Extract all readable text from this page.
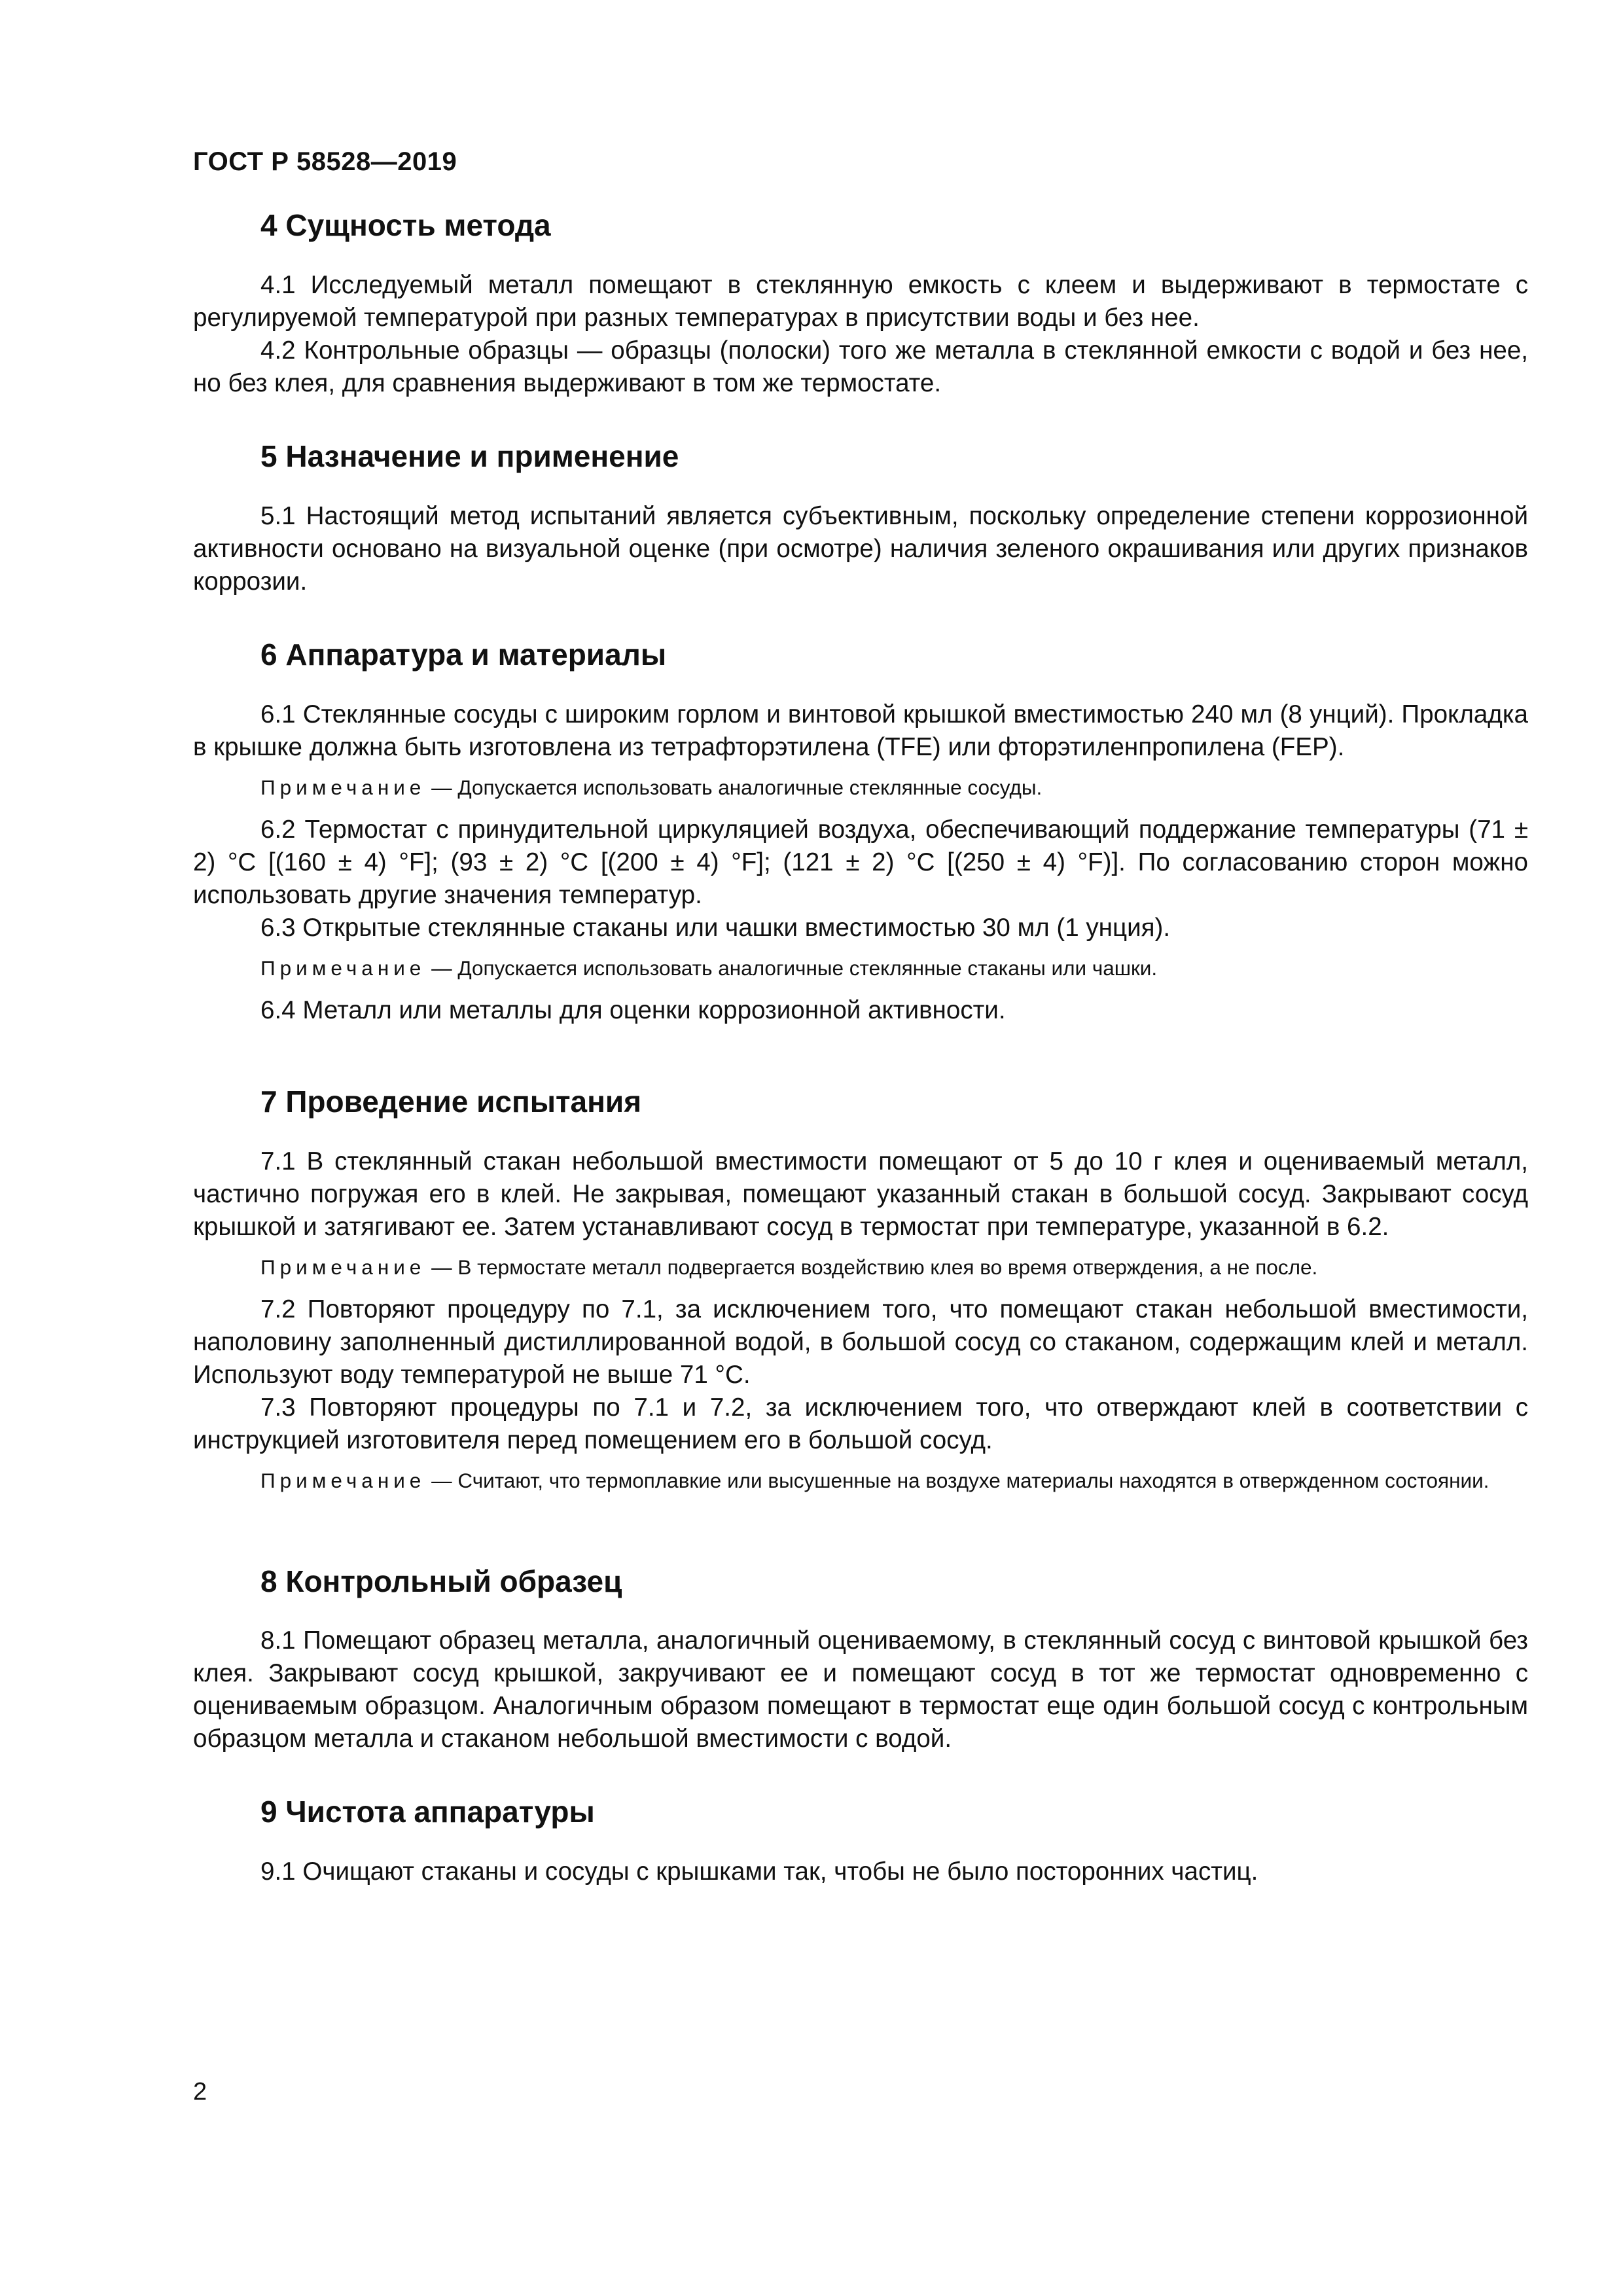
ГОСТ Р 58528—2019
4 Сущность метода

4.1 Исследуемый металл помещают в стеклянную емкость с клеем и выдерживают в термостате с регулируемой температурой при разных температурах в присутствии воды и без нее.

4.2 Контрольные образцы — образцы (полоски) того же металла в стеклянной емкости с водой и без нее, но без клея, для сравнения выдерживают в том же термостате.

5 Назначение и применение

5.1 Настоящий метод испытаний является субъективным, поскольку определение степени коррозионной активности основано на визуальной оценке (при осмотре) наличия зеленого окрашивания или других признаков коррозии.

6 Аппаратура и материалы

6.1 Стеклянные сосуды с широким горлом и винтовой крышкой вместимостью 240 мл (8 унций). Прокладка в крышке должна быть изготовлена из тетрафторэтилена (TFE) или фторэтиленпропилена (FEP).

Примечание — Допускается использовать аналогичные стеклянные сосуды.

6.2 Термостат с принудительной циркуляцией воздуха, обеспечивающий поддержание температуры (71 ± 2) °С [(160 ± 4) °F]; (93 ± 2) °С [(200 ± 4) °F]; (121 ± 2) °С [(250 ± 4) °F)]. По согласованию сторон можно использовать другие значения температур.

6.3 Открытые стеклянные стаканы или чашки вместимостью 30 мл (1 унция).

Примечание — Допускается использовать аналогичные стеклянные стаканы или чашки.

6.4 Металл или металлы для оценки коррозионной активности.

7 Проведение испытания

7.1 В стеклянный стакан небольшой вместимости помещают от 5 до 10 г клея и оцениваемый металл, частично погружая его в клей. Не закрывая, помещают указанный стакан в большой сосуд. Закрывают сосуд крышкой и затягивают ее. Затем устанавливают сосуд в термостат при температуре, указанной в 6.2.

Примечание — В термостате металл подвергается воздействию клея во время отверждения, а не после.

7.2 Повторяют процедуру по 7.1, за исключением того, что помещают стакан небольшой вместимости, наполовину заполненный дистиллированной водой, в большой сосуд со стаканом, содержащим клей и металл. Используют воду температурой не выше 71 °С.

7.3 Повторяют процедуры по 7.1 и 7.2, за исключением того, что отверждают клей в соответствии с инструкцией изготовителя перед помещением его в большой сосуд.

Примечание — Считают, что термоплавкие или высушенные на воздухе материалы находятся в отвержденном состоянии.

8 Контрольный образец

8.1 Помещают образец металла, аналогичный оцениваемому, в стеклянный сосуд с винтовой крышкой без клея. Закрывают сосуд крышкой, закручивают ее и помещают сосуд в тот же термостат одновременно с оцениваемым образцом. Аналогичным образом помещают в термостат еще один большой сосуд с контрольным образцом металла и стаканом небольшой вместимости с водой.

9 Чистота аппаратуры

9.1 Очищают стаканы и сосуды с крышками так, чтобы не было посторонних частиц.

2
